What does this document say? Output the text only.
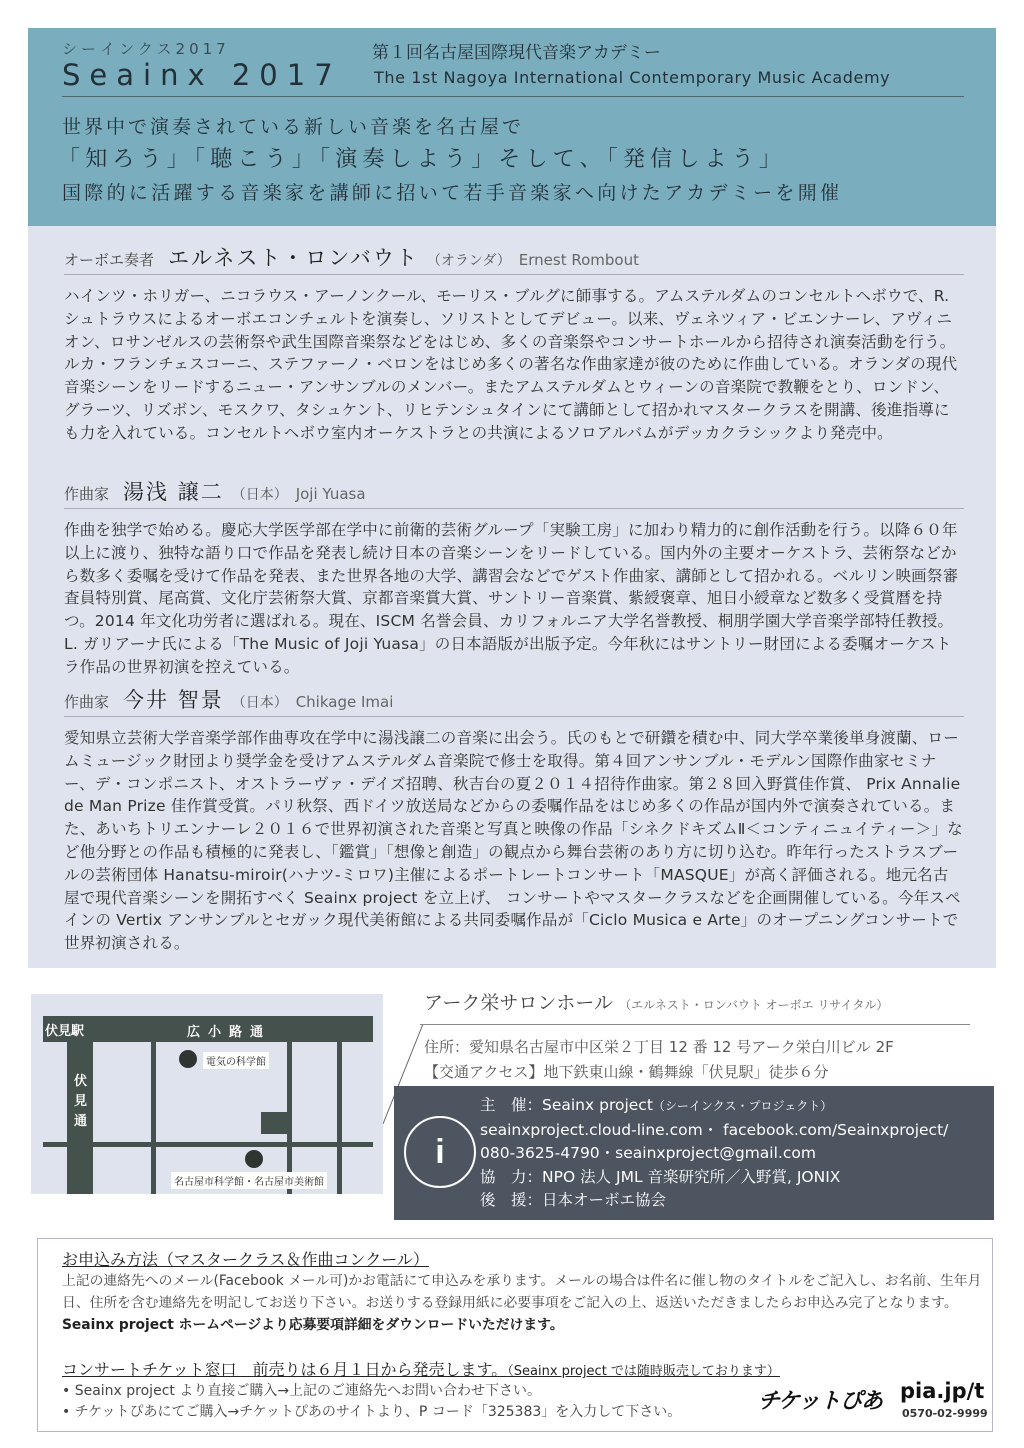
シーインクス2017
Seainx 2017
第１回名古屋国際現代音楽アカデミー
The 1st Nagoya International Contemporary Music Academy
世界中で演奏されている新しい音楽を名古屋で
「知ろう」「聴こう」「演奏しよう」そして、「発信しよう」
国際的に活躍する音楽家を講師に招いて若手音楽家へ向けたアカデミーを開催
オーボエ奏者 エルネスト・ロンバウト （オランダ） Ernest Rombout
ハインツ・ホリガー、ニコラウス・アーノンクール、モーリス・ブルグに師事する。アムステルダムのコンセルトヘボウで、R.シュトラウスによるオーボエコンチェルトを演奏し、ソリストとしてデビュー。以来、ヴェネツィア・ビエンナーレ、アヴィニオン、ロサンゼルスの芸術祭や武生国際音楽祭などをはじめ、多くの音楽祭やコンサートホールから招待され演奏活動を行う。ルカ・フランチェスコーニ、ステファーノ・ベロンをはじめ多くの著名な作曲家達が彼のために作曲している。オランダの現代音楽シーンをリードするニュー・アンサンブルのメンバー。またアムステルダムとウィーンの音楽院で教鞭をとり、ロンドン、グラーツ、リズボン、モスクワ、タシュケント、リヒテンシュタインにて講師として招かれマスタークラスを開講、後進指導にも力を入れている。コンセルトヘボウ室内オーケストラとの共演によるソロアルバムがデッカクラシックより発売中。
作曲家 湯浅 譲二 （日本） Joji Yuasa
作曲を独学で始める。慶応大学医学部在学中に前衛的芸術グループ「実験工房」に加わり精力的に創作活動を行う。以降６０年以上に渡り、独特な語り口で作品を発表し続け日本の音楽シーンをリードしている。国内外の主要オーケストラ、芸術祭などから数多く委嘱を受けて作品を発表、また世界各地の大学、講習会などでゲスト作曲家、講師として招かれる。ベルリン映画祭審査員特別賞、尾高賞、文化庁芸術祭大賞、京都音楽賞大賞、サントリー音楽賞、紫綬褒章、旭日小綬章など数多く受賞暦を持つ。2014 年文化功労者に選ばれる。現在、ISCM 名誉会員、カリフォルニア大学名誉教授、桐朋学園大学音楽学部特任教授。L. ガリアーナ氏による「The Music of Joji Yuasa」の日本語版が出版予定。今年秋にはサントリー財団による委嘱オーケストラ作品の世界初演を控えている。
作曲家 今井 智景 （日本） Chikage Imai
愛知県立芸術大学音楽学部作曲専攻在学中に湯浅譲二の音楽に出会う。氏のもとで研鑽を積む中、同大学卒業後単身渡蘭、ロームミュージック財団より奨学金を受けアムステルダム音楽院で修士を取得。第４回アンサンブル・モデルン国際作曲家セミナー、デ・コンポニスト、オストラーヴァ・デイズ招聘、秋吉台の夏２０１４招待作曲家。第２８回入野賞佳作賞、 Prix Annalie de Man Prize 佳作賞受賞。パリ秋祭、西ドイツ放送局などからの委嘱作品をはじめ多くの作品が国内外で演奏されている。また、あいちトリエンナーレ２０１６で世界初演された音楽と写真と映像の作品「シネクドキズムⅡ＜コンティニュイティー＞」など他分野との作品も積極的に発表し、「鑑賞」「想像と創造」の観点から舞台芸術のあり方に切り込む。昨年行ったストラスブールの芸術団体 Hanatsu-miroir(ハナツ-ミロワ)主催によるポートレートコンサート「MASQUE」が高く評価される。地元名古屋で現代音楽シーンを開拓すべく Seainx project を立上げ、 コンサートやマスタークラスなどを企画開催している。今年スペインの Vertix アンサンブルとセガック現代美術館による共同委嘱作品が「Ciclo Musica e Arte」のオープニングコンサートで世界初演される。
伏見駅	広小路通
伏見通
電気の科学館
名古屋市科学館・名古屋市美術館
アーク栄サロンホール （エルネスト・ロンバウト オーボエ リサイタル）
住所：愛知県名古屋市中区栄２丁目 12 番 12 号アーク栄白川ビル 2F
【交通アクセス】地下鉄東山線・鶴舞線「伏見駅」徒歩６分
i
主　催：Seainx project（シーインクス・プロジェクト）
seainxproject.cloud-line.com・ facebook.com/Seainxproject/
080-3625-4790・seainxproject@gmail.com
協　力：NPO 法人 JML 音楽研究所／入野賞, JONIX
後　援：日本オーボエ協会
お申込み方法（マスタークラス＆作曲コンクール）
上記の連絡先へのメール(Facebook メール可)かお電話にて申込みを承ります。メールの場合は件名に催し物のタイトルをご記入し、お名前、生年月日、住所を含む連絡先を明記してお送り下さい。お送りする登録用紙に必要事項をご記入の上、返送いただきましたらお申込み完了となります。Seainx project ホームページより応募要項詳細をダウンロードいただけます。
コンサートチケット窓口　前売りは６月１日から発売します。（Seainx project では随時販売しております）
• Seainx project より直接ご購入→上記のご連絡先へお問い合わせ下さい。
• チケットぴあにてご購入→チケットぴあのサイトより、P コード「325383」を入力して下さい。	チケットぴあ pia.jp/t
0570-02-9999
